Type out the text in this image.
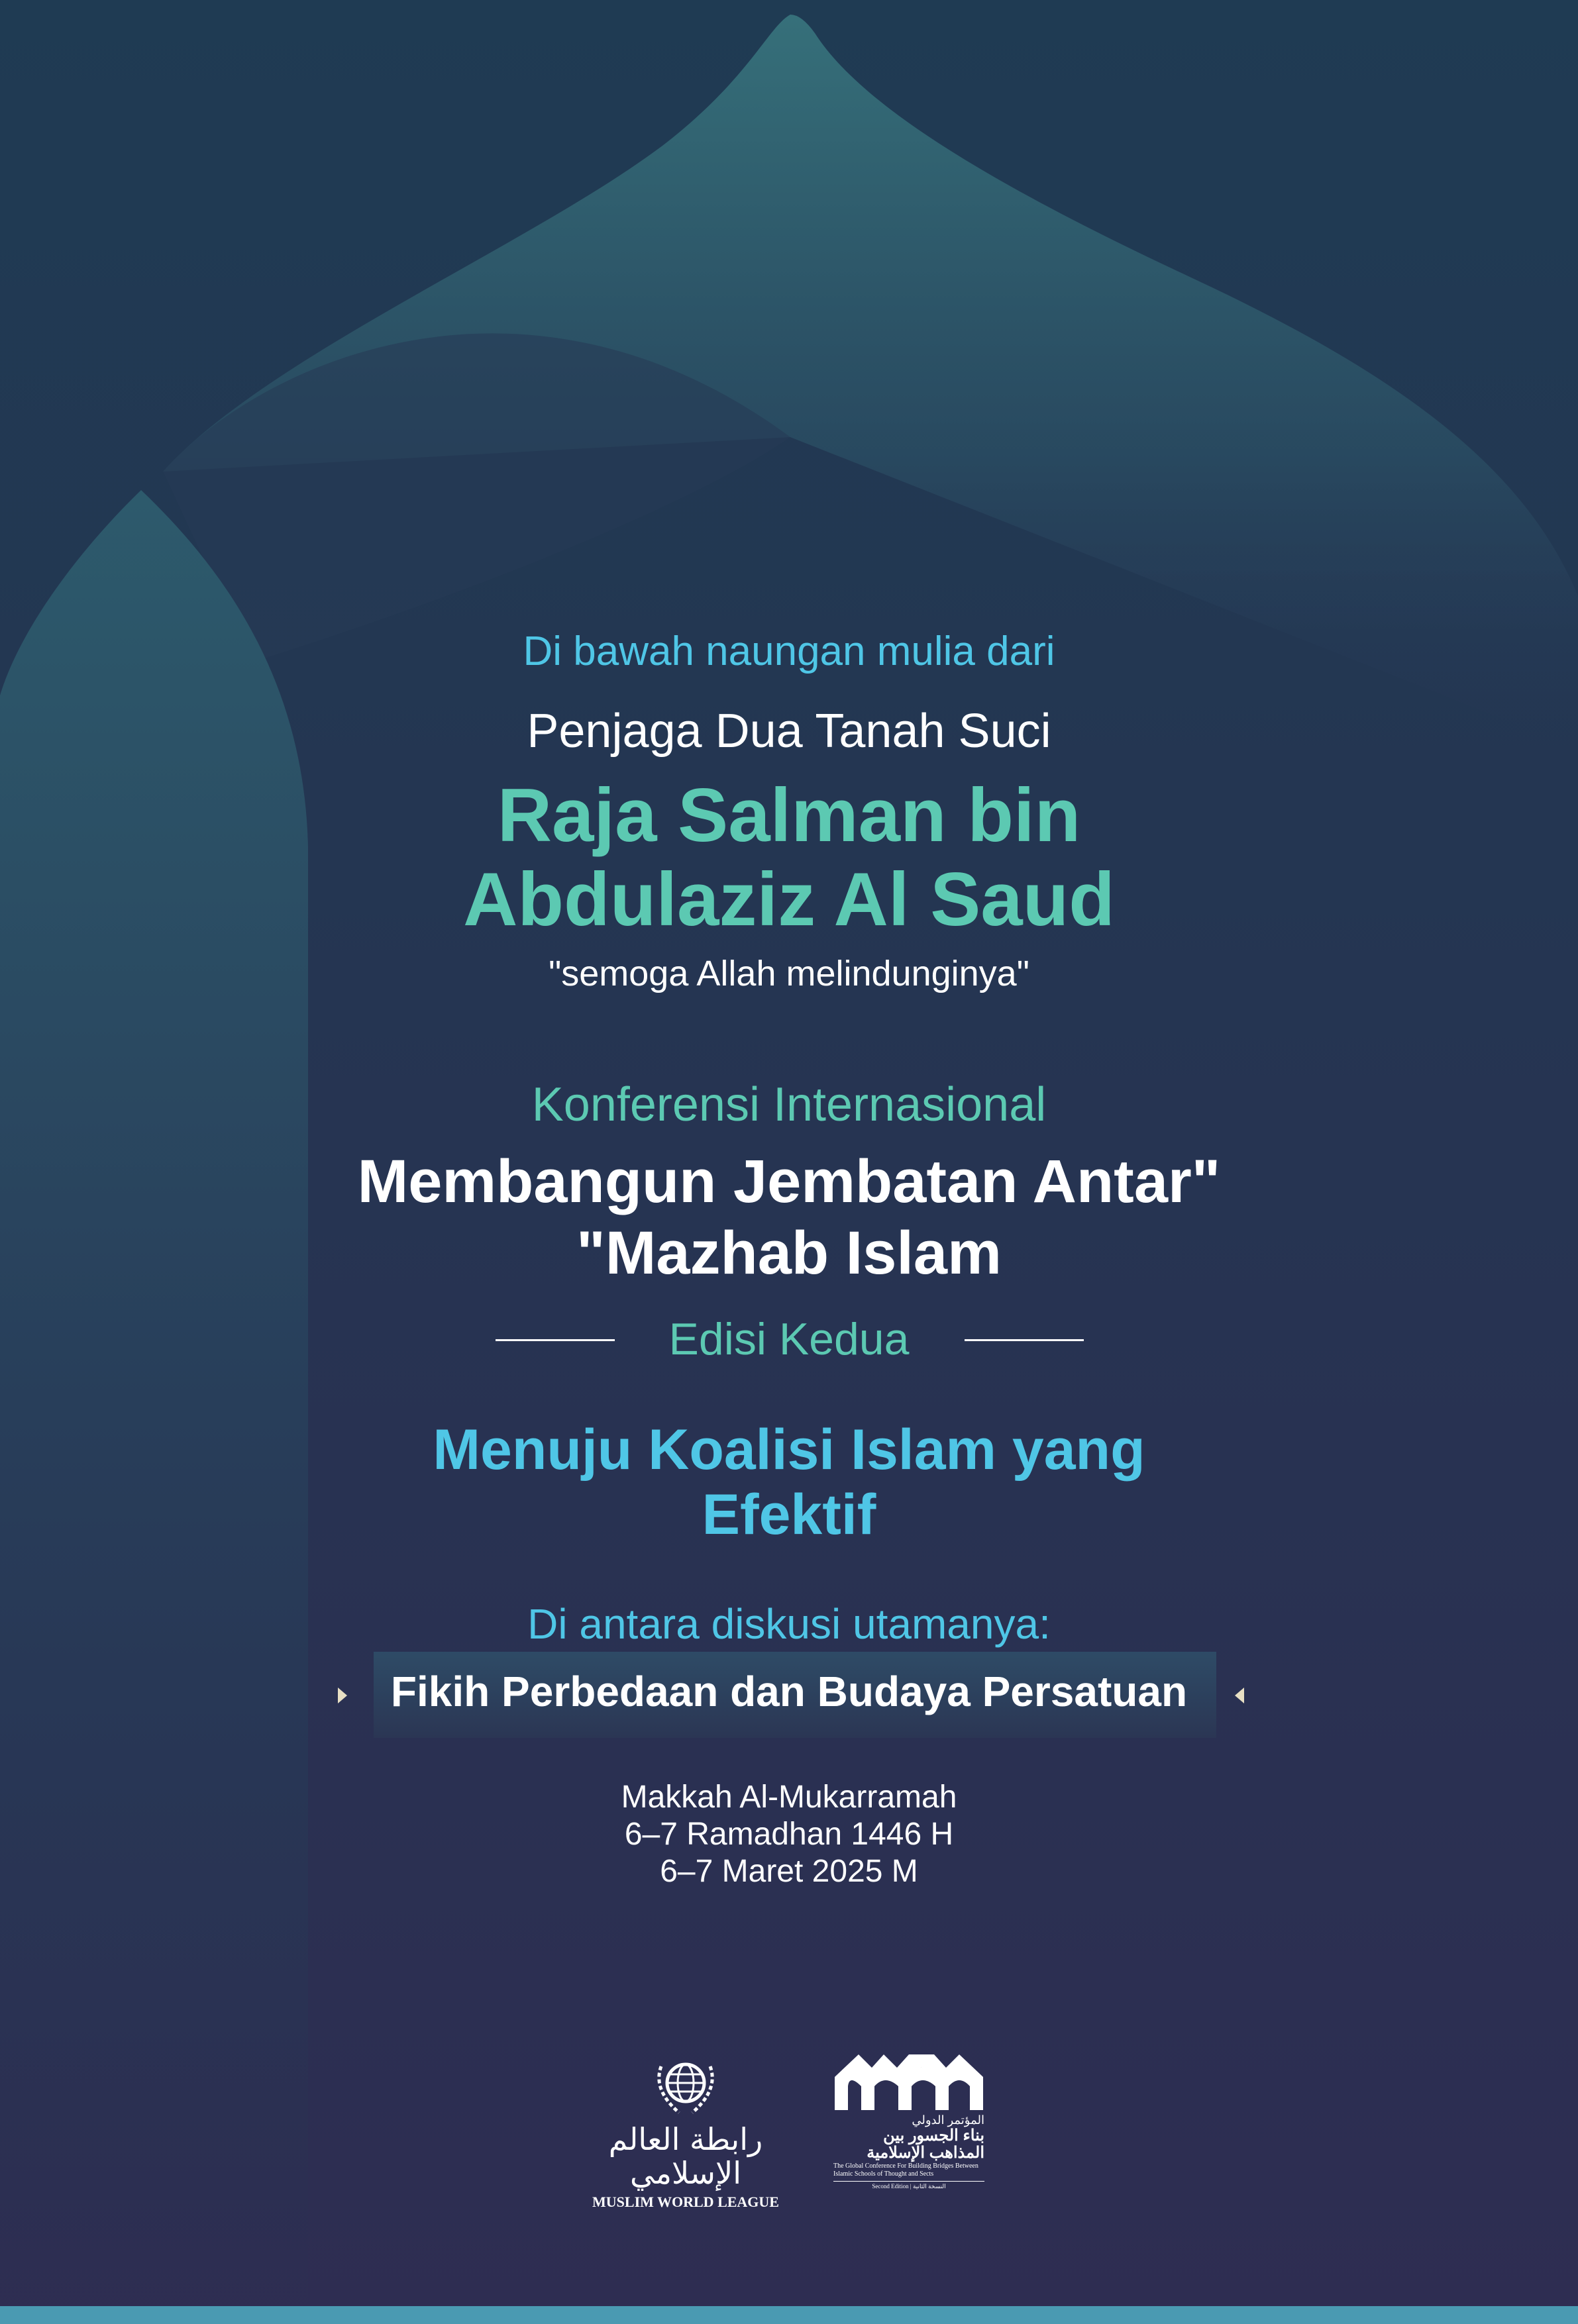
Di bawah naungan mulia dari
Penjaga Dua Tanah Suci
Raja Salman bin
Abdulaziz Al Saud
"semoga Allah melindunginya"
Konferensi Internasional
Membangun Jembatan Antar"
"Mazhab Islam
Edisi Kedua
Menuju Koalisi Islam yang
Efektif
Di antara diskusi utamanya:
Fikih Perbedaan dan Budaya Persatuan
Makkah Al-Mukarramah
6–7 Ramadhan 1446 H
6–7 Maret 2025 M
رابطة العالم الإسلامي
MUSLIM WORLD LEAGUE
المؤتمر الدولي
بناء الجسور بين المذاهب الإسلامية
The Global Conference For Building Bridges Between Islamic Schools of Thought and Sects
Second Edition | النسخة الثانية
